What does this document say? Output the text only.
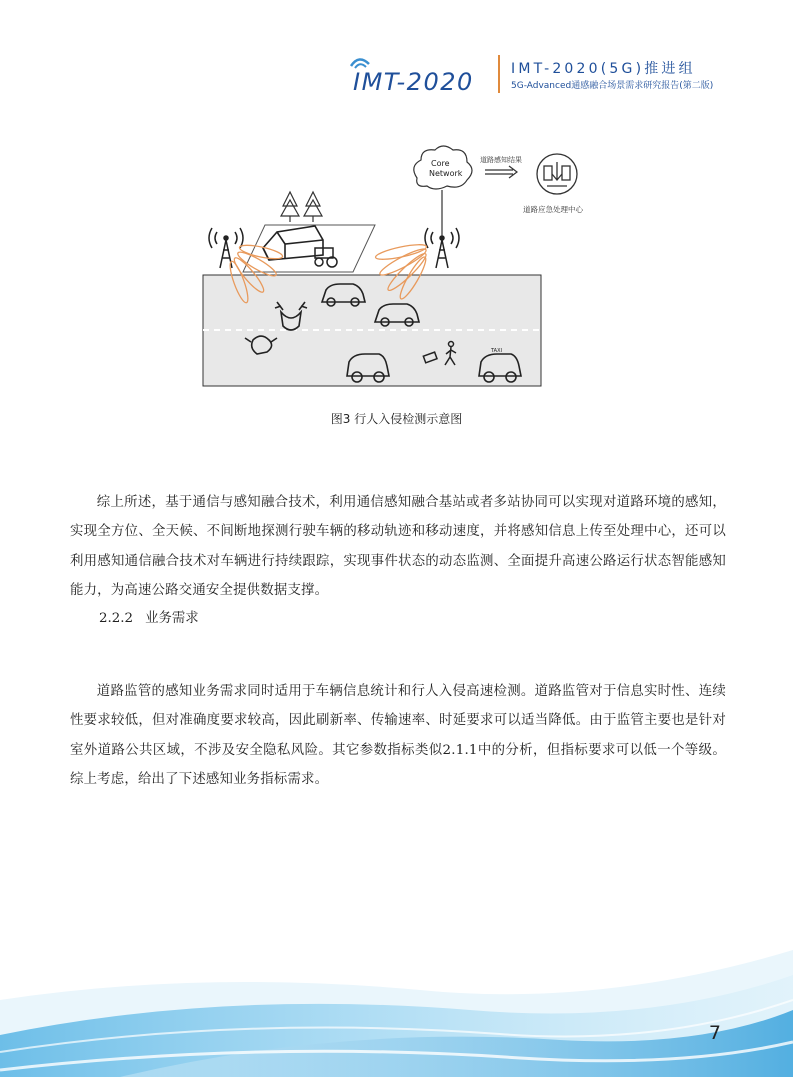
IMT-2020	IMT-2020(5G)推进组
5G-Advanced通感融合场景需求研究报告(第二版)
Core
Network
道路感知结果
道路应急处理中心
TAXI
图3 行人入侵检测示意图

综上所述，基于通信与感知融合技术，利用通信感知融合基站或者多站协同可以实现对道路环境的感知，实现全方位、全天候、不间断地探测行驶车辆的移动轨迹和移动速度，并将感知信息上传至处理中心，还可以利用感知通信融合技术对车辆进行持续跟踪，实现事件状态的动态监测、全面提升高速公路运行状态智能感知能力，为高速公路交通安全提供数据支撑。

2.2.2 业务需求

道路监管的感知业务需求同时适用于车辆信息统计和行人入侵高速检测。道路监管对于信息实时性、连续性要求较低，但对准确度要求较高，因此刷新率、传输速率、时延要求可以适当降低。由于监管主要也是针对室外道路公共区域，不涉及安全隐私风险。其它参数指标类似2.1.1中的分析，但指标要求可以低一个等级。综上考虑，给出了下述感知业务指标需求。

7
